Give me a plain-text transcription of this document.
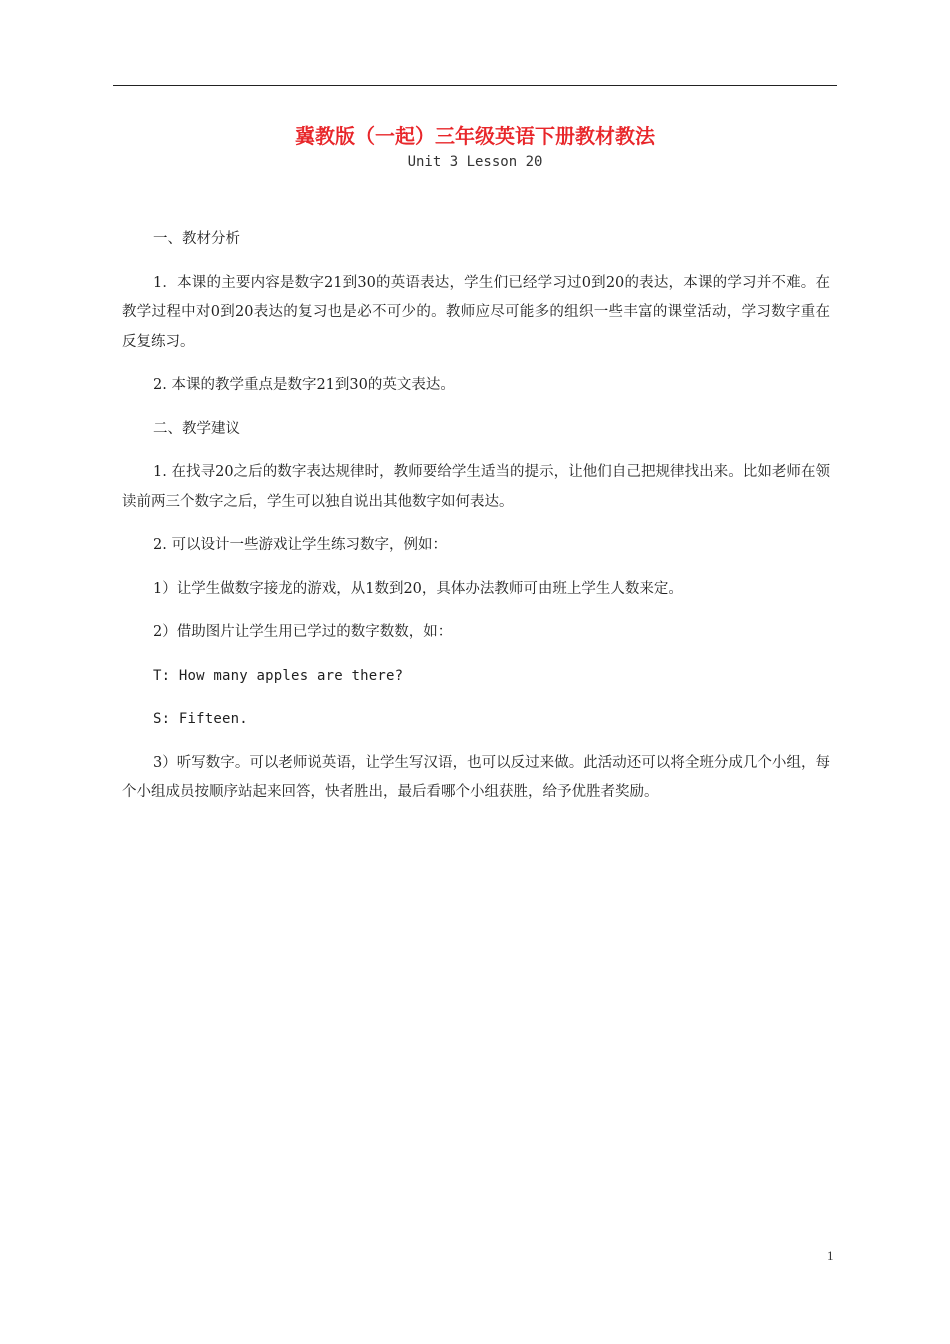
冀教版（一起）三年级英语下册教材教法
Unit 3 Lesson 20

一、教材分析

1．本课的主要内容是数字21到30的英语表达，学生们已经学习过0到20的表达，本课的学习并不难。在教学过程中对0到20表达的复习也是必不可少的。教师应尽可能多的组织一些丰富的课堂活动，学习数字重在反复练习。

2. 本课的教学重点是数字21到30的英文表达。

二、教学建议

1. 在找寻20之后的数字表达规律时，教师要给学生适当的提示，让他们自己把规律找出来。比如老师在领读前两三个数字之后，学生可以独自说出其他数字如何表达。

2. 可以设计一些游戏让学生练习数字，例如：

1）让学生做数字接龙的游戏，从1数到20，具体办法教师可由班上学生人数来定。

2）借助图片让学生用已学过的数字数数，如：

T: How many apples are there?

S: Fifteen.

3）听写数字。可以老师说英语，让学生写汉语，也可以反过来做。此活动还可以将全班分成几个小组，每个小组成员按顺序站起来回答，快者胜出，最后看哪个小组获胜，给予优胜者奖励。

1
